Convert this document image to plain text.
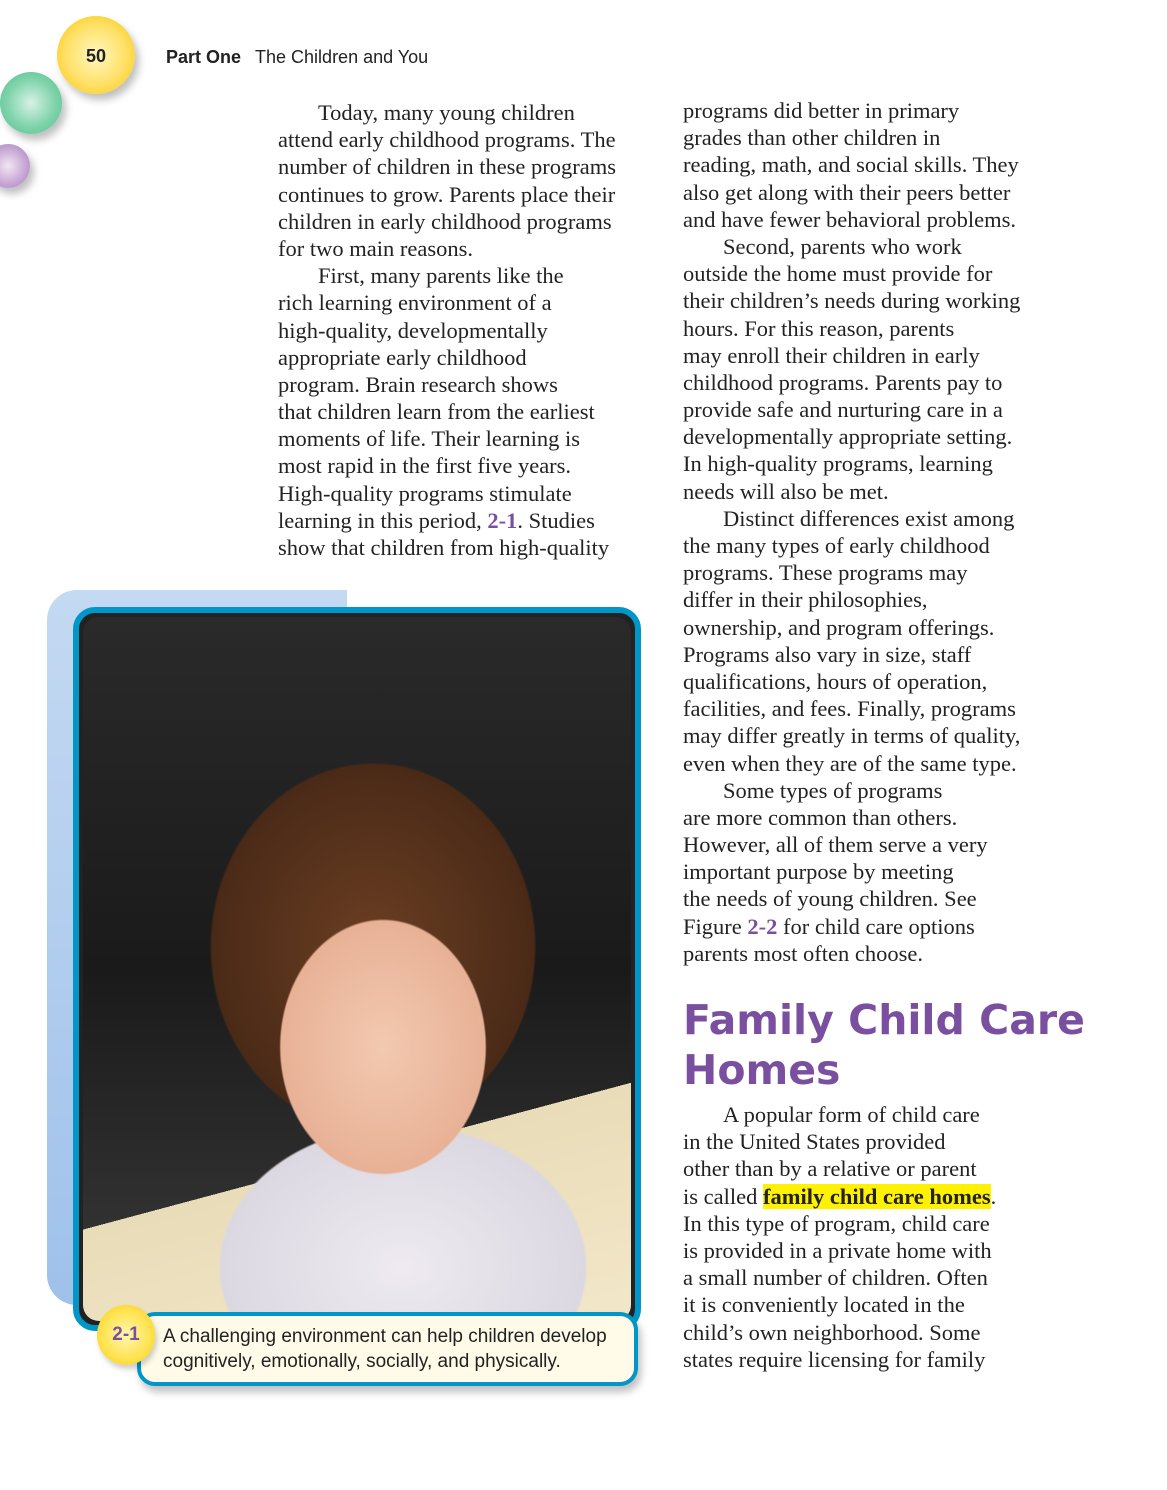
50	Part One The Children and You
Today, many young children
attend early childhood programs. The
number of children in these programs
continues to grow. Parents place their
children in early childhood programs
for two main reasons.
First, many parents like the
rich learning environment of a
high-quality, developmentally
appropriate early childhood
program. Brain research shows
that children learn from the earliest
moments of life. Their learning is
most rapid in the first five years.
High-quality programs stimulate
learning in this period, 2-1. Studies
show that children from high-quality
programs did better in primary
grades than other children in
reading, math, and social skills. They
also get along with their peers better
and have fewer behavioral problems.
Second, parents who work
outside the home must provide for
their children’s needs during working
hours. For this reason, parents
may enroll their children in early
childhood programs. Parents pay to
provide safe and nurturing care in a
developmentally appropriate setting.
In high-quality programs, learning
needs will also be met.
Distinct differences exist among
the many types of early childhood
programs. These programs may
differ in their philosophies,
ownership, and program offerings.
Programs also vary in size, staff
qualifications, hours of operation,
facilities, and fees. Finally, programs
may differ greatly in terms of quality,
even when they are of the same type.
Some types of programs
are more common than others.
However, all of them serve a very
important purpose by meeting
the needs of young children. See
Figure 2-2 for child care options
parents most often choose.
Family Child Care
Homes
A popular form of child care
in the United States provided
other than by a relative or parent
is called family child care homes.
In this type of program, child care
is provided in a private home with
a small number of children. Often
it is conveniently located in the
child’s own neighborhood. Some
states require licensing for family
A challenging environment can help children develop
cognitively, emotionally, socially, and physically.
2-1
